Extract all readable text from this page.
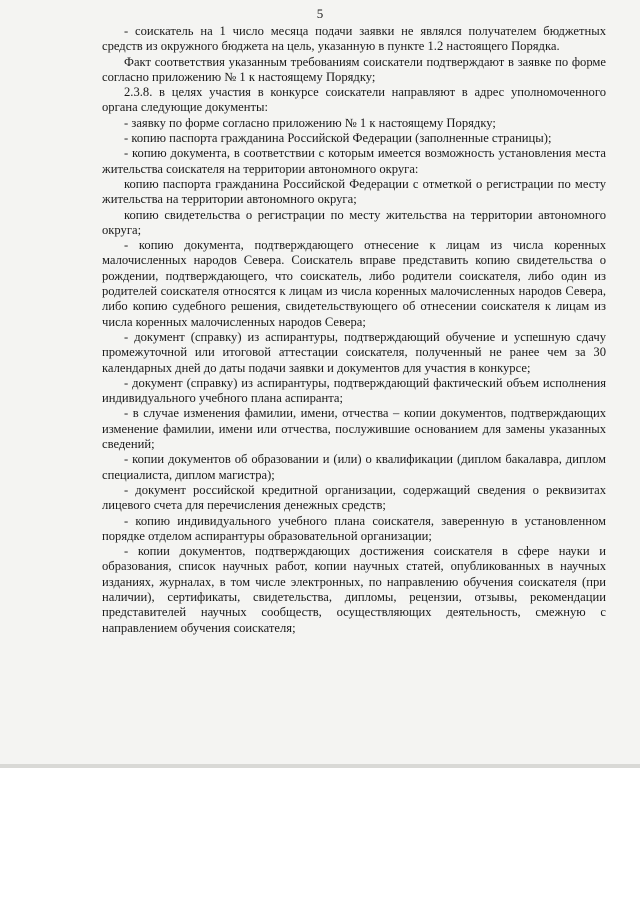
5

- соискатель на 1 число месяца подачи заявки не являлся получателем бюджетных средств из окружного бюджета на цель, указанную в пункте 1.2 настоящего Порядка.

Факт соответствия указанным требованиям соискатели подтверждают в заявке по форме согласно приложению № 1 к настоящему Порядку;

2.3.8. в целях участия в конкурсе соискатели направляют в адрес уполномоченного органа следующие документы:

- заявку по форме согласно приложению № 1 к настоящему Порядку;

- копию паспорта гражданина Российской Федерации (заполненные страницы);

- копию документа, в соответствии с которым имеется возможность установления места жительства соискателя на территории автономного округа:

копию паспорта гражданина Российской Федерации с отметкой о регистрации по месту жительства на территории автономного округа;

копию свидетельства о регистрации по месту жительства на территории автономного округа;

- копию документа, подтверждающего отнесение к лицам из числа коренных малочисленных народов Севера. Соискатель вправе представить копию свидетельства о рождении, подтверждающего, что соискатель, либо родители соискателя, либо один из родителей соискателя относятся к лицам из числа коренных малочисленных народов Севера, либо копию судебного решения, свидетельствующего об отнесении соискателя к лицам из числа коренных малочисленных народов Севера;

- документ (справку) из аспирантуры, подтверждающий обучение и успешную сдачу промежуточной или итоговой аттестации соискателя, полученный не ранее чем за 30 календарных дней до даты подачи заявки и документов для участия в конкурсе;

- документ (справку) из аспирантуры, подтверждающий фактический объем исполнения индивидуального учебного плана аспиранта;

- в случае изменения фамилии, имени, отчества – копии документов, подтверждающих изменение фамилии, имени или отчества, послужившие основанием для замены указанных сведений;

- копии документов об образовании и (или) о квалификации (диплом бакалавра, диплом специалиста, диплом магистра);

- документ российской кредитной организации, содержащий сведения о реквизитах лицевого счета для перечисления денежных средств;

- копию индивидуального учебного плана соискателя, заверенную в установленном порядке отделом аспирантуры образовательной организации;

- копии документов, подтверждающих достижения соискателя в сфере науки и образования, список научных работ, копии научных статей, опубликованных в научных изданиях, журналах, в том числе электронных, по направлению обучения соискателя (при наличии), сертификаты, свидетельства, дипломы, рецензии, отзывы, рекомендации представителей научных сообществ, осуществляющих деятельность, смежную с направлением обучения соискателя;
